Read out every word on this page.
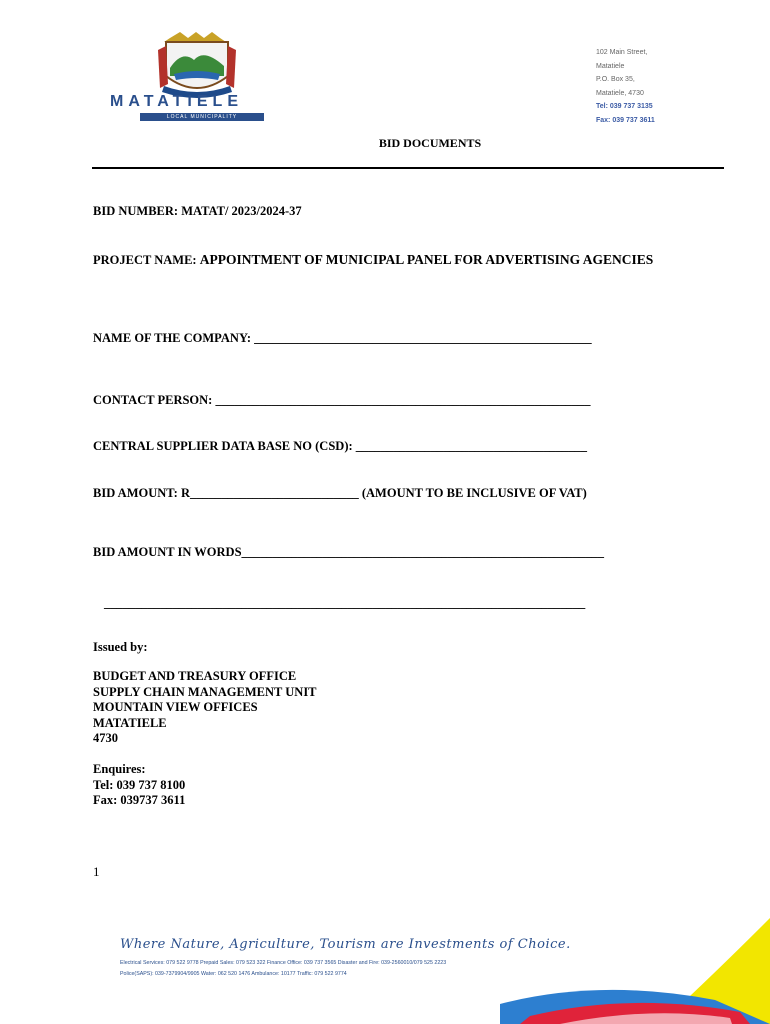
MATATIELE
LOCAL MUNICIPALITY
102 Main Street,
Matatiele
P.O. Box 35,
Matatiele, 4730
Tel: 039 737 3135
Fax: 039 737 3611
BID DOCUMENTS
BID NUMBER: MATAT/ 2023/2024-37
PROJECT NAME: APPOINTMENT OF MUNICIPAL PANEL FOR ADVERTISING AGENCIES
NAME OF THE COMPANY: ______________________________________________________
CONTACT PERSON: ____________________________________________________________
CENTRAL SUPPLIER DATA BASE NO (CSD): _____________________________________
BID AMOUNT: R___________________________ (AMOUNT TO BE INCLUSIVE OF VAT)
BID AMOUNT IN WORDS__________________________________________________________
_____________________________________________________________________________
Issued by:
BUDGET AND TREASURY OFFICE
SUPPLY CHAIN MANAGEMENT UNIT
MOUNTAIN VIEW OFFICES
MATATIELE
4730
Enquires:
Tel: 039 737 8100
Fax: 039737 3611
1
Where Nature, Agriculture, Tourism are Investments of Choice.
Electrical Services: 079 522 9778 Prepaid Sales: 079 523 322 Finance Office: 039 737 3565 Disaster and Fire: 039-2560010/079 525 2223
Police(SAPS): 039-7379904/9905 Water: 062 520 1476 Ambulance: 10177 Traffic: 079 522 9774
